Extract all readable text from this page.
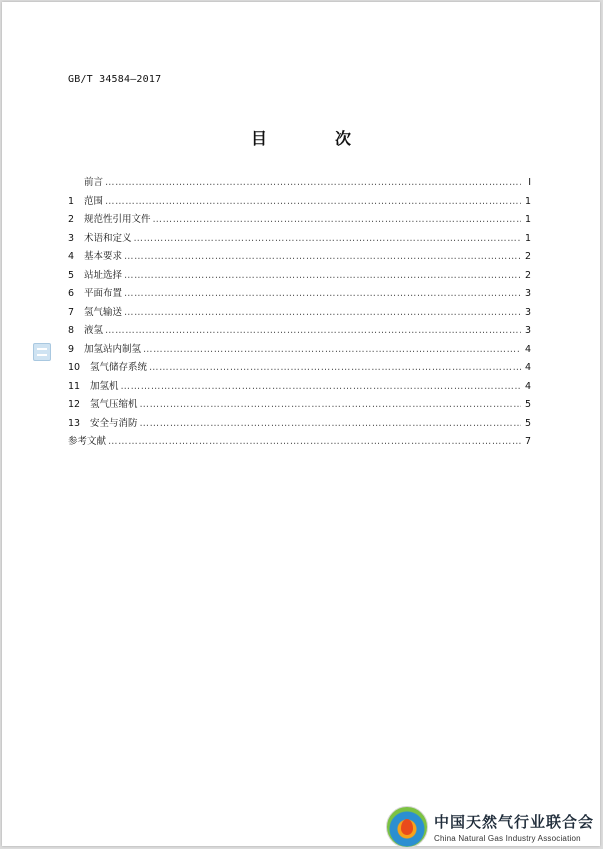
GB/T 34584—2017
目　次
前言 …………………………………………………………………………………………………………………………………………………………………………………………	Ⅰ
1	范围 …………………………………………………………………………………………………………………………………………………………………………………………	1
2	规范性引用文件 …………………………………………………………………………………………………………………………………………………………………………………………	1
3	术语和定义 …………………………………………………………………………………………………………………………………………………………………………………………	1
4	基本要求 …………………………………………………………………………………………………………………………………………………………………………………………	2
5	站址选择 …………………………………………………………………………………………………………………………………………………………………………………………	2
6	平面布置 …………………………………………………………………………………………………………………………………………………………………………………………	3
7	氢气输送 …………………………………………………………………………………………………………………………………………………………………………………………	3
8	液氢 …………………………………………………………………………………………………………………………………………………………………………………………	3
9	加氢站内制氢 …………………………………………………………………………………………………………………………………………………………………………………………	4
10	氢气储存系统 …………………………………………………………………………………………………………………………………………………………………………………………	4
11	加氢机 …………………………………………………………………………………………………………………………………………………………………………………………	4
12	氢气压缩机 …………………………………………………………………………………………………………………………………………………………………………………………	5
13	安全与消防 …………………………………………………………………………………………………………………………………………………………………………………………	5
参考文献 …………………………………………………………………………………………………………………………………………………………………………………………	7
中国天然气行业联合会
China Natural Gas Industry Association
